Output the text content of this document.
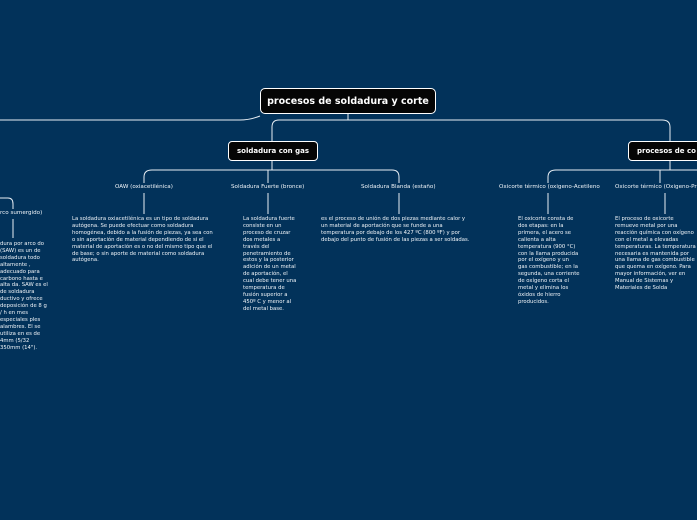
procesos de soldadura y corte
soldadura con gas	procesos de co
OAW (oxiacetilénica)	Soldadura Fuerte (bronce)	Soldadura Blanda (estaño)
La soldadura oxiacetilénica es un tipo de soldadura autógena. Se puede efectuar como soldadura homogénea, debido a la fusión de piezas, ya sea con o sin aportación de material dependiendo de si el material de aportación es o no del mismo tipo que el de base; o sin aporte de material como soldadura autógena.
La soldadura fuerte consiste en un proceso de cruzar dos metales a través del penetramiento de estos y la posterior adición de un metal de aportación, el cual debe tener una temperatura de fusión superior a 450º C y menor al del metal base.
es el proceso de unión de dos piezas mediante calor y un material de aportación que se funde a una temperatura por debajo de los 427 ºC (800 ºF) y por debajo del punto de fusión de las piezas a ser soldadas.
Oxicorte térmico (oxigeno-Acetileno	Oxicorte térmico (Oxigeno-Pr
El oxicorte consta de dos etapas: en la primera, el acero se calienta a alta temperatura (900 °C) con la llama producida por el oxígeno y un gas combustible; en la segunda, una corriente de oxígeno corta el metal y elimina los óxidos de hierro producidos.
El proceso de oxicorte remueve metal por una reacción química con oxígeno con el metal a elevadas temperaturas. La temperatura necesaria es mantenida por una llama de gas combustible que quema en oxígeno. Para mayor información, ver en Manual de Sistemas y Materiales de Solda
rco sumergido)
dura por arco do (SAW) es un de soldadura todo altamente , adecuado para carbono hasta e alta da. SAW es el de soldadura ductivo y ofrece deposición de 8 g / h en mes especiales ples alambres. El se utiliza en es de 4mm (5/32 350mm (14").
